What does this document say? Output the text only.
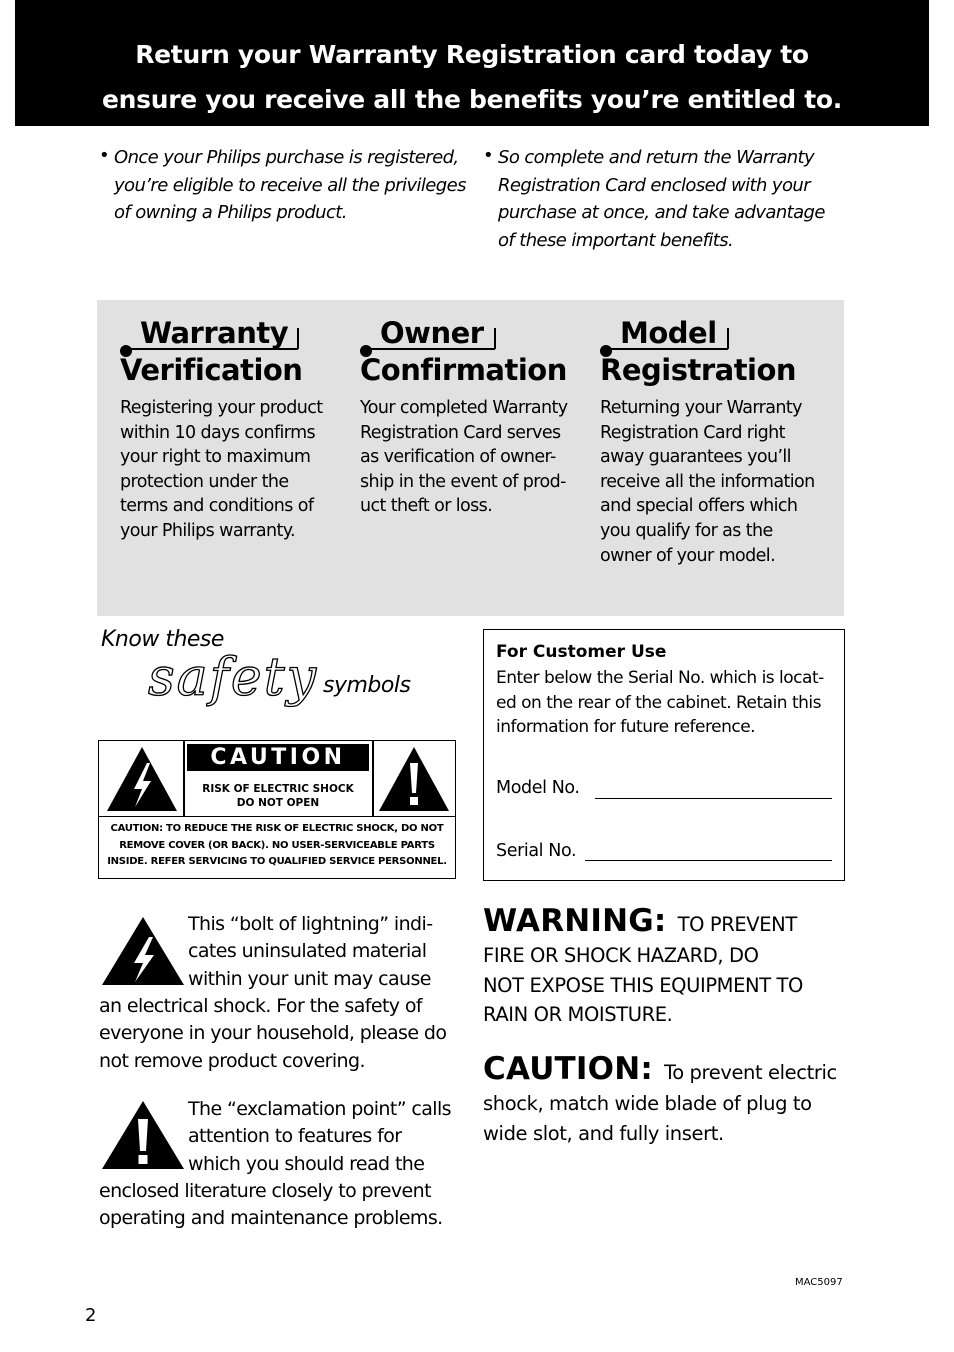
Return your Warranty Registration card today to
ensure you receive all the benefits you’re entitled to.
• Once your Philips purchase is registered,
you’re eligible to receive all the privileges
of owning a Philips product.
• So complete and return the Warranty
Registration Card enclosed with your
purchase at once, and take advantage
of these important benefits.
Warranty
Verification
Registering your product
within 10 days confirms
your right to maximum
protection under the
terms and conditions of
your Philips warranty.
Owner
Confirmation
Your completed Warranty
Registration Card serves
as verification of owner-
ship in the event of prod-
uct theft or loss.
Model
Registration
Returning your Warranty
Registration Card right
away guarantees you’ll
receive all the information
and special offers which
you qualify for as the
owner of your model.
Know these
safety symbols
CAUTION
RISK OF ELECTRIC SHOCK
DO NOT OPEN
CAUTION: TO REDUCE THE RISK OF ELECTRIC SHOCK, DO NOT
REMOVE COVER (OR BACK). NO USER-SERVICEABLE PARTS
INSIDE. REFER SERVICING TO QUALIFIED SERVICE PERSONNEL.
For Customer Use
Enter below the Serial No. which is locat-
ed on the rear of the cabinet. Retain this
information for future reference.
Model No.
Serial No.
This “bolt of lightning” indi-
cates uninsulated material
within your unit may cause
an electrical shock. For the safety of
everyone in your household, please do
not remove product covering.
The “exclamation point” calls
attention to features for
which you should read the
enclosed literature closely to prevent
operating and maintenance problems.
WARNING: TO PREVENT
FIRE OR SHOCK HAZARD, DO
NOT EXPOSE THIS EQUIPMENT TO
RAIN OR MOISTURE.
CAUTION: To prevent electric
shock, match wide blade of plug to
wide slot, and fully insert.
MAC5097
2
